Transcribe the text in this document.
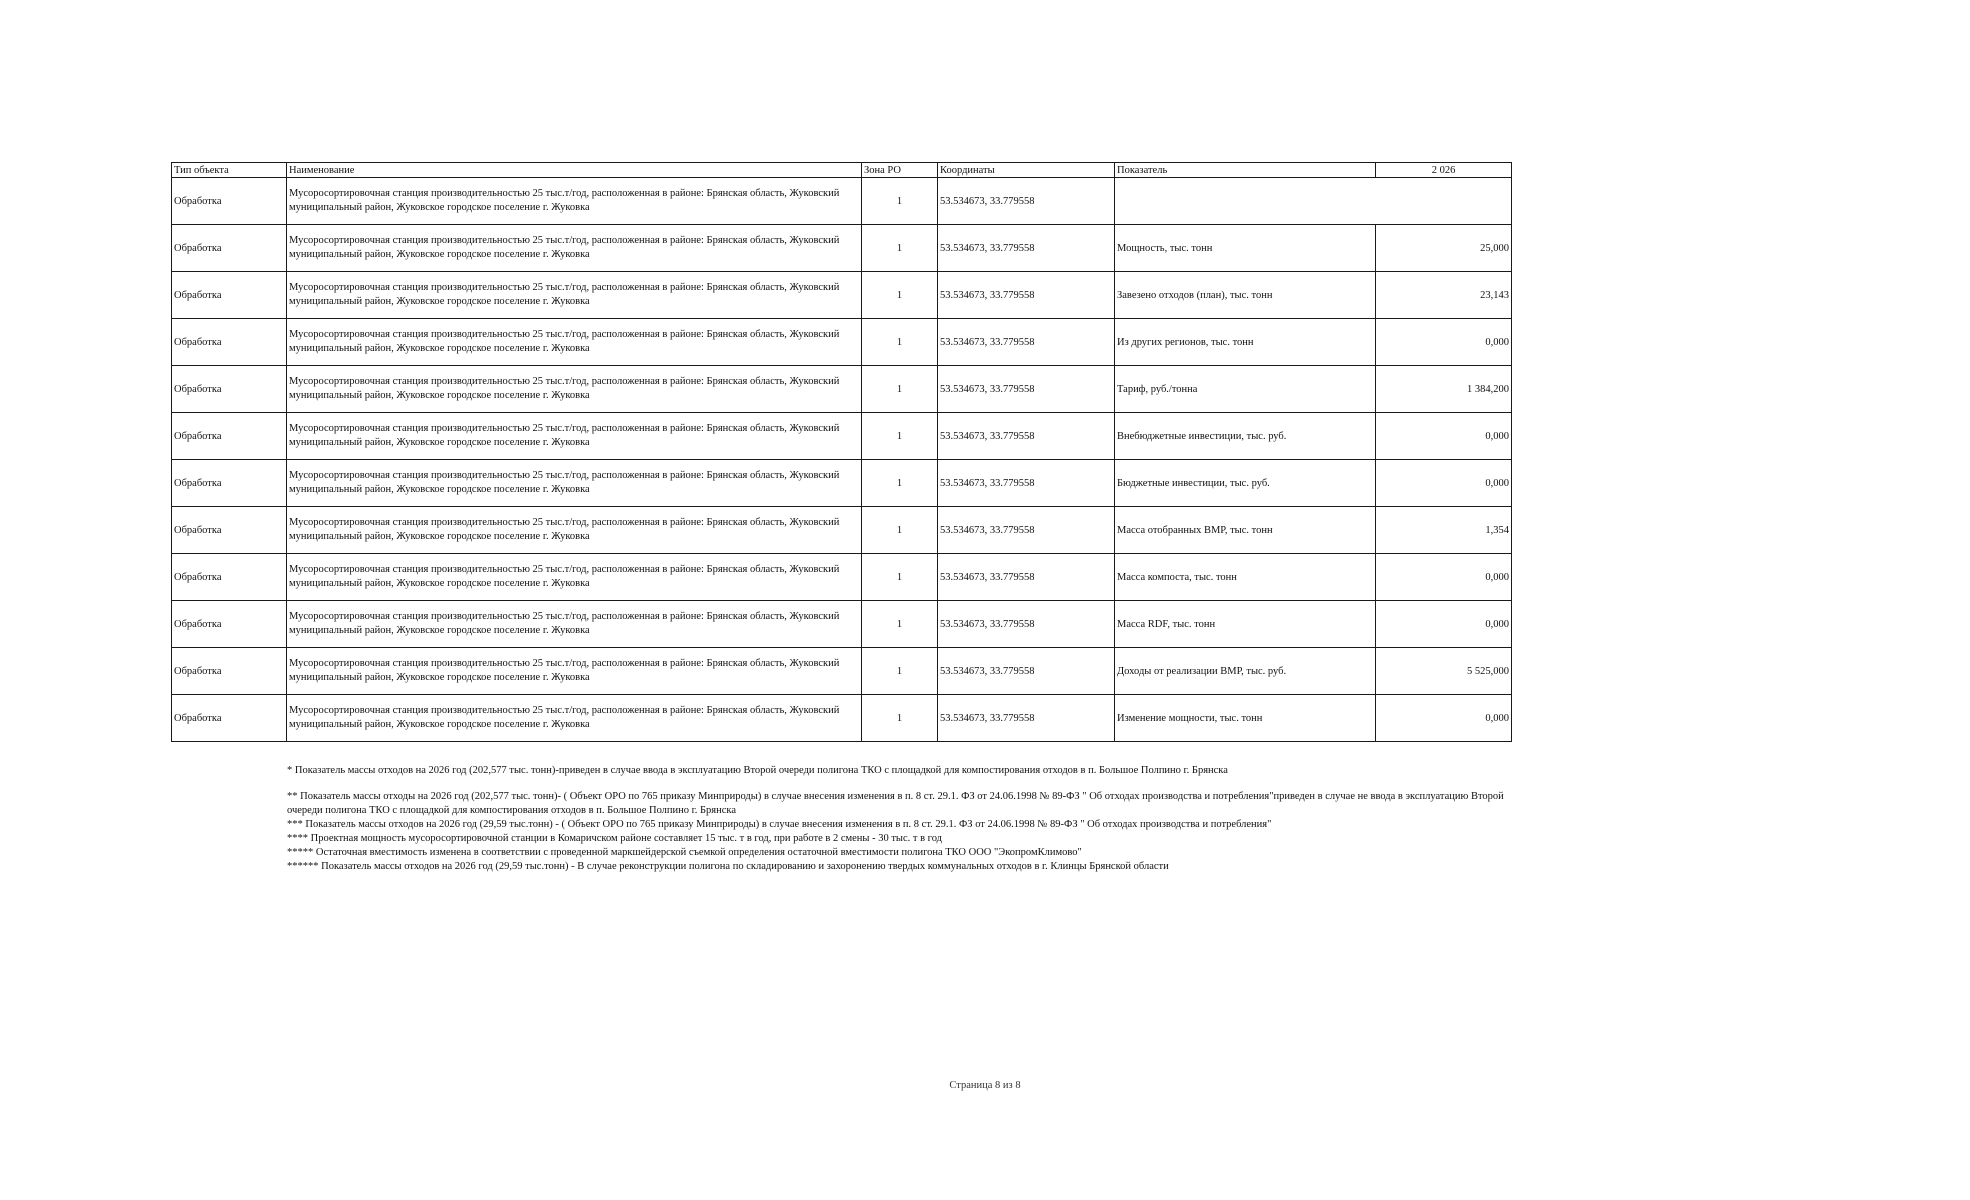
Тип объекта	Наименование	Зона РО	Координаты	Показатель	2 026
Обработка	Мусоросортировочная станция производительностью 25 тыс.т/год, расположенная в районе: Брянская область, Жуковский муниципальный район, Жуковское городское поселение г. Жуковка	1	53.534673, 33.779558		
Обработка	Мусоросортировочная станция производительностью 25 тыс.т/год, расположенная в районе: Брянская область, Жуковский муниципальный район, Жуковское городское поселение г. Жуковка	1	53.534673, 33.779558	Мощность, тыс. тонн	25,000
Обработка	Мусоросортировочная станция производительностью 25 тыс.т/год, расположенная в районе: Брянская область, Жуковский муниципальный район, Жуковское городское поселение г. Жуковка	1	53.534673, 33.779558	Завезено отходов (план), тыс. тонн	23,143
Обработка	Мусоросортировочная станция производительностью 25 тыс.т/год, расположенная в районе: Брянская область, Жуковский муниципальный район, Жуковское городское поселение г. Жуковка	1	53.534673, 33.779558	Из других регионов, тыс. тонн	0,000
Обработка	Мусоросортировочная станция производительностью 25 тыс.т/год, расположенная в районе: Брянская область, Жуковский муниципальный район, Жуковское городское поселение г. Жуковка	1	53.534673, 33.779558	Тариф, руб./тонна	1 384,200
Обработка	Мусоросортировочная станция производительностью 25 тыс.т/год, расположенная в районе: Брянская область, Жуковский муниципальный район, Жуковское городское поселение г. Жуковка	1	53.534673, 33.779558	Внебюджетные инвестиции, тыс. руб.	0,000
Обработка	Мусоросортировочная станция производительностью 25 тыс.т/год, расположенная в районе: Брянская область, Жуковский муниципальный район, Жуковское городское поселение г. Жуковка	1	53.534673, 33.779558	Бюджетные инвестиции, тыс. руб.	0,000
Обработка	Мусоросортировочная станция производительностью 25 тыс.т/год, расположенная в районе: Брянская область, Жуковский муниципальный район, Жуковское городское поселение г. Жуковка	1	53.534673, 33.779558	Масса отобранных ВМР, тыс. тонн	1,354
Обработка	Мусоросортировочная станция производительностью 25 тыс.т/год, расположенная в районе: Брянская область, Жуковский муниципальный район, Жуковское городское поселение г. Жуковка	1	53.534673, 33.779558	Масса компоста, тыс. тонн	0,000
Обработка	Мусоросортировочная станция производительностью 25 тыс.т/год, расположенная в районе: Брянская область, Жуковский муниципальный район, Жуковское городское поселение г. Жуковка	1	53.534673, 33.779558	Масса RDF, тыс. тонн	0,000
Обработка	Мусоросортировочная станция производительностью 25 тыс.т/год, расположенная в районе: Брянская область, Жуковский муниципальный район, Жуковское городское поселение г. Жуковка	1	53.534673, 33.779558	Доходы от реализации ВМР, тыс. руб.	5 525,000
Обработка	Мусоросортировочная станция производительностью 25 тыс.т/год, расположенная в районе: Брянская область, Жуковский муниципальный район, Жуковское городское поселение г. Жуковка	1	53.534673, 33.779558	Изменение мощности, тыс. тонн	0,000

* Показатель массы отходов на 2026 год (202,577 тыс. тонн)-приведен в случае ввода в эксплуатацию Второй очереди полигона ТКО с площадкой для компостирования отходов в п. Большое Полпино г. Брянска

** Показатель массы отходы на 2026 год (202,577 тыс. тонн)- ( Объект ОРО по 765 приказу Минприроды) в случае внесения изменения в п. 8 ст. 29.1. ФЗ от 24.06.1998 № 89-ФЗ " Об отходах производства и потребления"приведен в случае не ввода в эксплуатацию Второй очереди полигона ТКО с площадкой для компостирования отходов в п. Большое Полпино г. Брянска

*** Показатель массы отходов на 2026 год (29,59 тыс.тонн) - ( Объект ОРО по 765 приказу Минприроды) в случае внесения изменения в п. 8 ст. 29.1. ФЗ от 24.06.1998 № 89-ФЗ " Об отходах производства и потребления"

**** Проектная мощность мусоросортировочной станции в Комаричском районе составляет 15 тыс. т в год, при работе в 2 смены - 30 тыс. т в год

***** Остаточная вместимость изменена в соответствии с проведенной маркшейдерской съемкой определения остаточной вместимости полигона ТКО ООО "ЭкопромКлимово"

****** Показатель массы отходов на 2026 год (29,59 тыс.тонн) - В случае реконструкции полигона по складированию и захоронению твердых коммунальных отходов в г. Клинцы Брянской области

Страница 8 из 8
